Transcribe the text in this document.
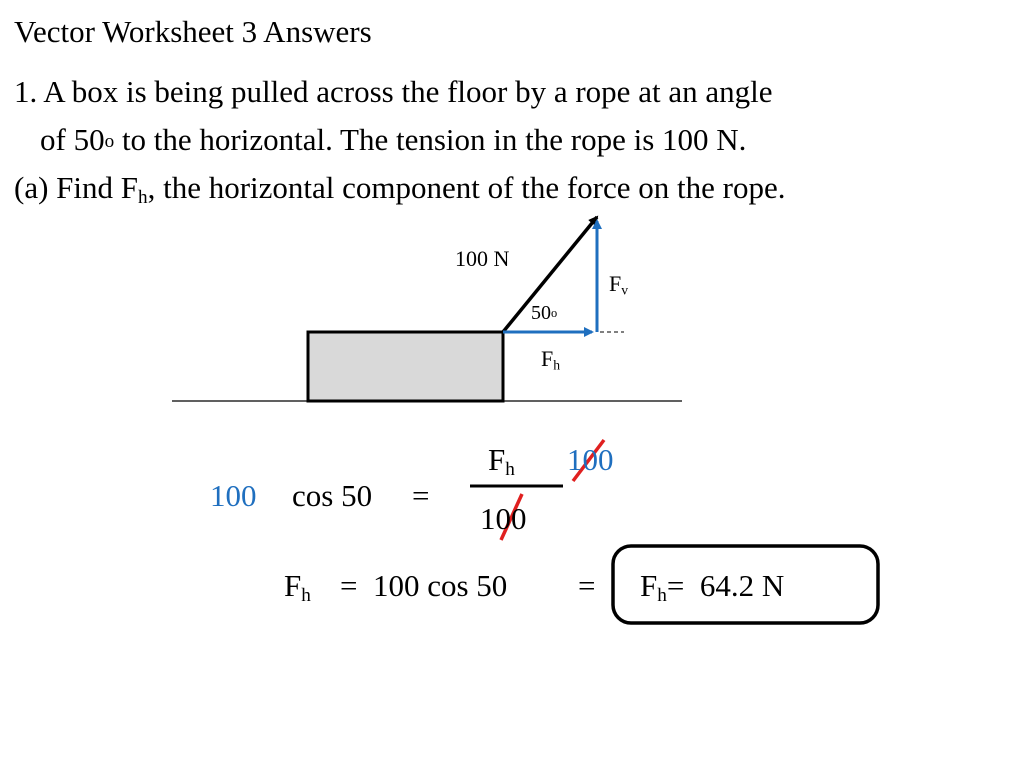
Vector Worksheet 3 Answers
1. A box is being pulled across the floor by a rope at an angle
of 50$^o$ to the horizontal. The tension in the rope is 100 N.
(a) Find $F_h$, the horizontal component of the force on the rope.
100 N
50$^o$
$F_v$
$F_h$
100 cos 50 =
$F_h$ 100
100
$F_h = 100$ $\cos 50 = F_h= 64.2$ N
